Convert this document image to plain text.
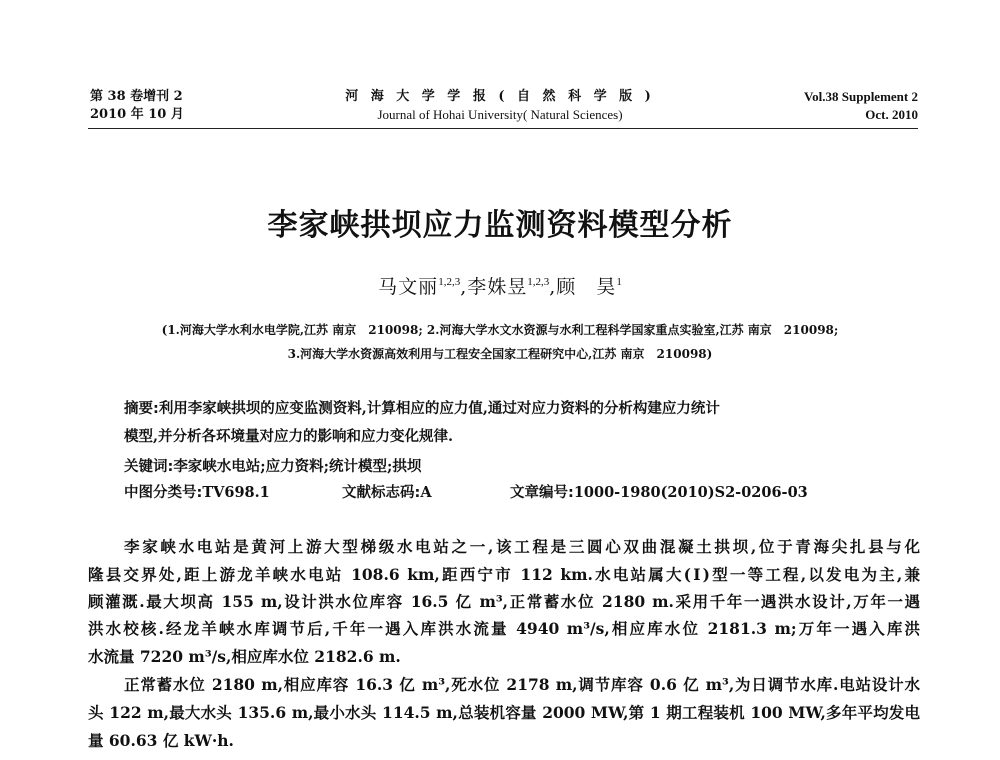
第 38 卷增刊 2
2010 年 10 月
河 海 大 学 学 报 ( 自 然 科 学 版 )
Journal of Hohai University( Natural Sciences)
Vol.38 Supplement 2
Oct. 2010
李家峡拱坝应力监测资料模型分析
马文丽$^{1,2,3}$,李姝昱$^{1,2,3}$,顾　昊$^1$
(1.河海大学水利水电学院,江苏 南京　210098; 2.河海大学水文水资源与水利工程科学国家重点实验室,江苏 南京　210098;
3.河海大学水资源高效利用与工程安全国家工程研究中心,江苏 南京　210098)
摘要:利用李家峡拱坝的应变监测资料,计算相应的应力值,通过对应力资料的分析构建应力统计
模型,并分析各环境量对应力的影响和应力变化规律.
关键词:李家峡水电站;应力资料;统计模型;拱坝
中图分类号:TV698.1	文献标志码:A	文章编号:1000-1980(2010)S2-0206-03
李家峡水电站是黄河上游大型梯级水电站之一,该工程是三圆心双曲混凝土拱坝,位于青海尖扎县与化
隆县交界处,距上游龙羊峡水电站 108.6 km,距西宁市 112 km.水电站属大(Ⅰ)型一等工程,以发电为主,兼
顾灌溉.最大坝高 155 m,设计洪水位库容 16.5 亿 m³,正常蓄水位 2180 m.采用千年一遇洪水设计,万年一遇
洪水校核.经龙羊峡水库调节后,千年一遇入库洪水流量 4940 m³/s,相应库水位 2181.3 m;万年一遇入库洪
水流量 7220 m³/s,相应库水位 2182.6 m.
正常蓄水位 2180 m,相应库容 16.3 亿 m³,死水位 2178 m,调节库容 0.6 亿 m³,为日调节水库.电站设计水
头 122 m,最大水头 135.6 m,最小水头 114.5 m,总装机容量 2000 MW,第 1 期工程装机 100 MW,多年平均发电
量 60.63 亿 kW·h.
